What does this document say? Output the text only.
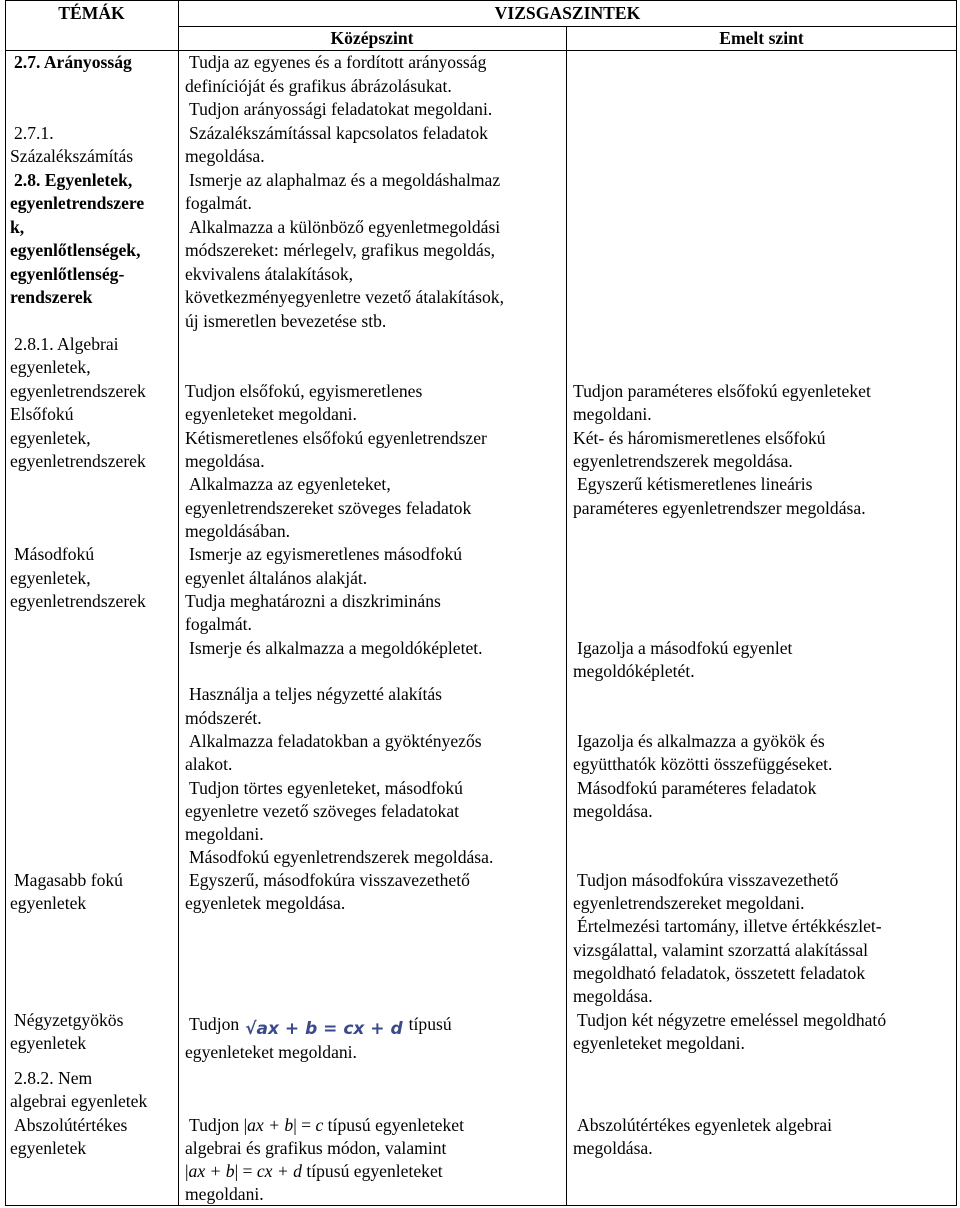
TÉMÁK	VIZSGASZINTEK
Középszint	Emelt szint
2.7. Arányosság
2.7.1.
Százalékszámítás
2.8. Egyenletek,
egyenletrendszere
k,
egyenlőtlenségek,
egyenlőtlenség-
rendszerek
2.8.1. Algebrai
egyenletek,
egyenletrendszerek
Elsőfokú
egyenletek,
egyenletrendszerek
Másodfokú
egyenletek,
egyenletrendszerek
Magasabb fokú
egyenletek
Négyzetgyökös
egyenletek
2.8.2. Nem
algebrai egyenletek
Abszolútértékes
egyenletek
Tudja az egyenes és a fordított arányosság
definícióját és grafikus ábrázolásukat.
Tudjon arányossági feladatokat megoldani.
Százalékszámítással kapcsolatos feladatok
megoldása.
Ismerje az alaphalmaz és a megoldáshalmaz
fogalmát.
Alkalmazza a különböző egyenletmegoldási
módszereket: mérlegelv, grafikus megoldás,
ekvivalens átalakítások,
következményegyenletre vezető átalakítások,
új ismeretlen bevezetése stb.
Tudjon elsőfokú, egyismeretlenes
egyenleteket megoldani.
Kétismeretlenes elsőfokú egyenletrendszer
megoldása.
Alkalmazza az egyenleteket,
egyenletrendszereket szöveges feladatok
megoldásában.
Ismerje az egyismeretlenes másodfokú
egyenlet általános alakját.
Tudja meghatározni a diszkrimináns
fogalmát.
Ismerje és alkalmazza a megoldóképletet.
Használja a teljes négyzetté alakítás
módszerét.
Alkalmazza feladatokban a gyöktényezős
alakot.
Tudjon törtes egyenleteket, másodfokú
egyenletre vezető szöveges feladatokat
megoldani.
Másodfokú egyenletrendszerek megoldása.
Egyszerű, másodfokúra visszavezethető
egyenletek megoldása.
Tudjon √ax + b = cx + d típusú
egyenleteket megoldani.
Tudjon |ax + b| = c típusú egyenleteket
algebrai és grafikus módon, valamint
|ax + b| = cx + d típusú egyenleteket
megoldani.
Tudjon paraméteres elsőfokú egyenleteket
megoldani.
Két- és háromismeretlenes elsőfokú
egyenletrendszerek megoldása.
Egyszerű kétismeretlenes lineáris
paraméteres egyenletrendszer megoldása.
Igazolja a másodfokú egyenlet
megoldóképletét.
Igazolja és alkalmazza a gyökök és
együtthatók közötti összefüggéseket.
Másodfokú paraméteres feladatok
megoldása.
Tudjon másodfokúra visszavezethető
egyenletrendszereket megoldani.
Értelmezési tartomány, illetve értékkészlet-
vizsgálattal, valamint szorzattá alakítással
megoldható feladatok, összetett feladatok
megoldása.
Tudjon két négyzetre emeléssel megoldható
egyenleteket megoldani.
Abszolútértékes egyenletek algebrai
megoldása.
